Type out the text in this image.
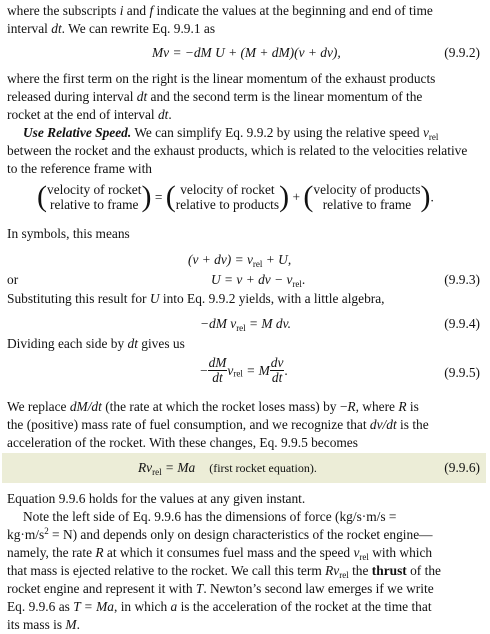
where the subscripts i and f indicate the values at the beginning and end of time
interval dt. We can rewrite Eq. 9.9.1 as
Mv = −dM U + (M + dM)(v + dv),	(9.9.2)
where the first term on the right is the linear momentum of the exhaust products
released during interval dt and the second term is the linear momentum of the
rocket at the end of interval dt.
Use Relative Speed. We can simplify Eq. 9.9.2 by using the relative speed $v_{rel}$
between the rocket and the exhaust products, which is related to the velocities relative
to the reference frame with
(velocity of rocket
relative to frame) = ( velocity of rocket
relative to products) + (velocity of products
relative to frame ).
In symbols, this means
$(v + dv) = v_{rel} + U$,
or	U = v + dv − $v_{rel}$.	(9.9.3)
Substituting this result for U into Eq. 9.9.2 yields, with a little algebra,
−dM $v_{rel} = M$ dv.	(9.9.4)
Dividing each side by dt gives us
− $\frac{dM}{dt} v_{rel} = M \frac{dv}{dt}$ .	(9.9.5)
We replace dM/dt (the rate at which the rocket loses mass) by −R, where R is
the (positive) mass rate of fuel consumption, and we recognize that dv/dt is the
acceleration of the rocket. With these changes, Eq. 9.9.5 becomes
$Rv_{rel} = Ma$ (first rocket equation).	(9.9.6)
Equation 9.9.6 holds for the values at any given instant.
Note the left side of Eq. 9.9.6 has the dimensions of force (kg/s·m/s =
$kg\cdot m/s^2 = N$) and depends only on design characteristics of the rocket engine—
namely, the rate R at which it consumes fuel mass and the speed $v_{rel}$ with which
that mass is ejected relative to the rocket. We call this term $Rv_{rel}$ the thrust of the
rocket engine and represent it with T. Newton’s second law emerges if we write
Eq. 9.9.6 as T = Ma, in which a is the acceleration of the rocket at the time that
its mass is M.
